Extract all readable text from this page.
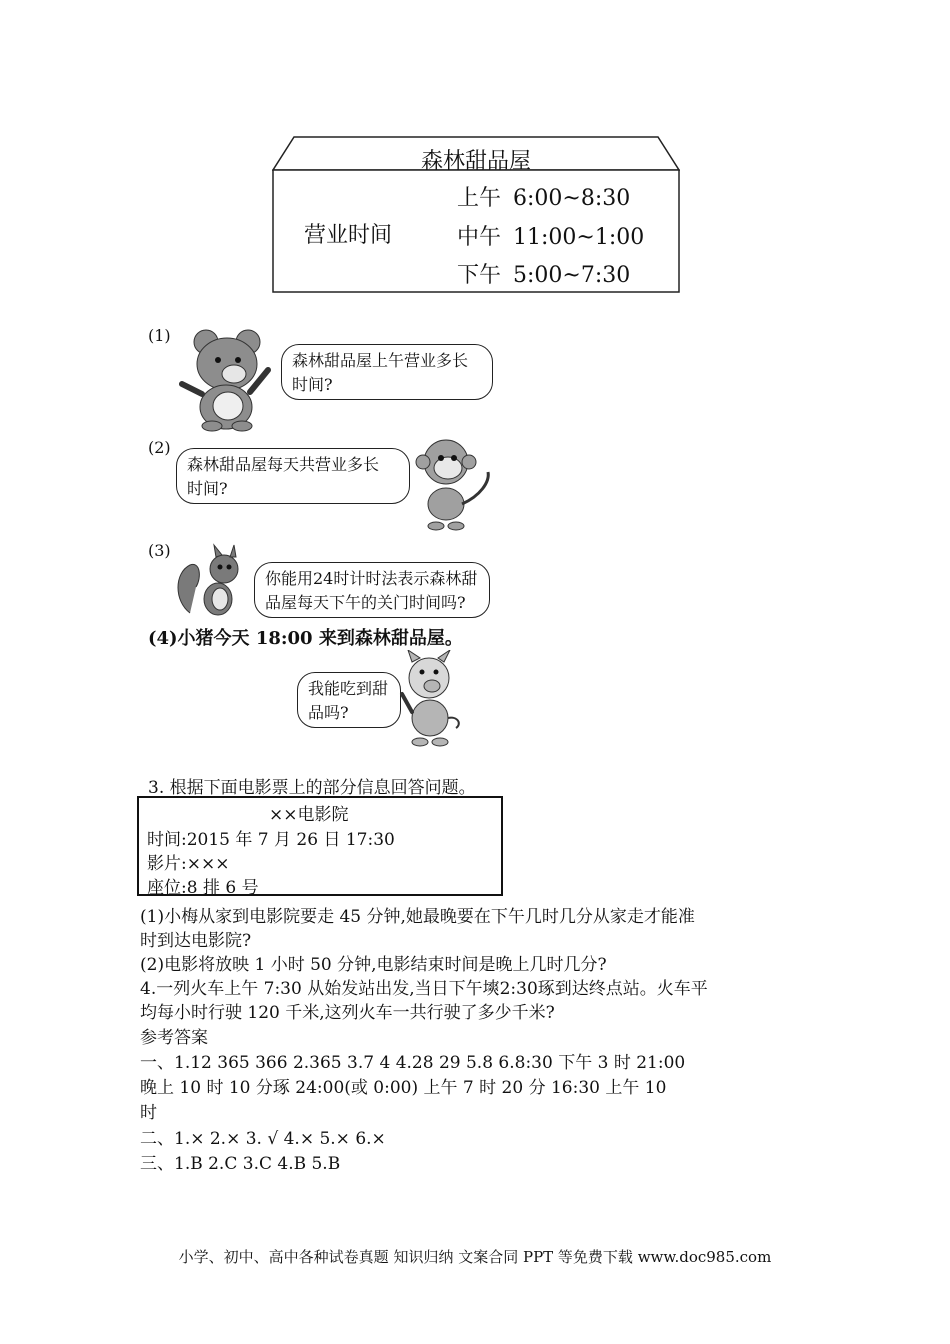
森林甜品屋
营业时间
上午 6:00~8:30
中午 11:00~1:00
下午 5:00~7:30
(1)
森林甜品屋上午营业多长
时间?
(2)
森林甜品屋每天共营业多长
时间?
(3)
你能用24时计时法表示森林甜
品屋每天下午的关门时间吗?
(4)小猪今天 18:00 来到森林甜品屋。
我能吃到甜
品吗?
3. 根据下面电影票上的部分信息回答问题。
××电影院
时间:2015 年 7 月 26 日 17:30
影片:×××
座位:8 排 6 号
(1)小梅从家到电影院要走 45 分钟,她最晚要在下午几时几分从家走才能准
时到达电影院?
(2)电影将放映 1 小时 50 分钟,电影结束时间是晚上几时几分?
4.一列火车上午 7:30 从始发站出发,当日下午塽2:30琢到达终点站。火车平
均每小时行驶 120 千米,这列火车一共行驶了多少千米?
参考答案
一、1.12 365 366 2.365 3.7 4 4.28 29 5.8 6.8:30 下午 3 时 21:00
晚上 10 时 10 分琢 24:00(或 0:00) 上午 7 时 20 分 16:30 上午 10
时
二、1.× 2.× 3. √ 4.× 5.× 6.×
三、1.B 2.C 3.C 4.B 5.B
小学、初中、高中各种试卷真题 知识归纳 文案合同 PPT 等免费下载 www.doc985.com
